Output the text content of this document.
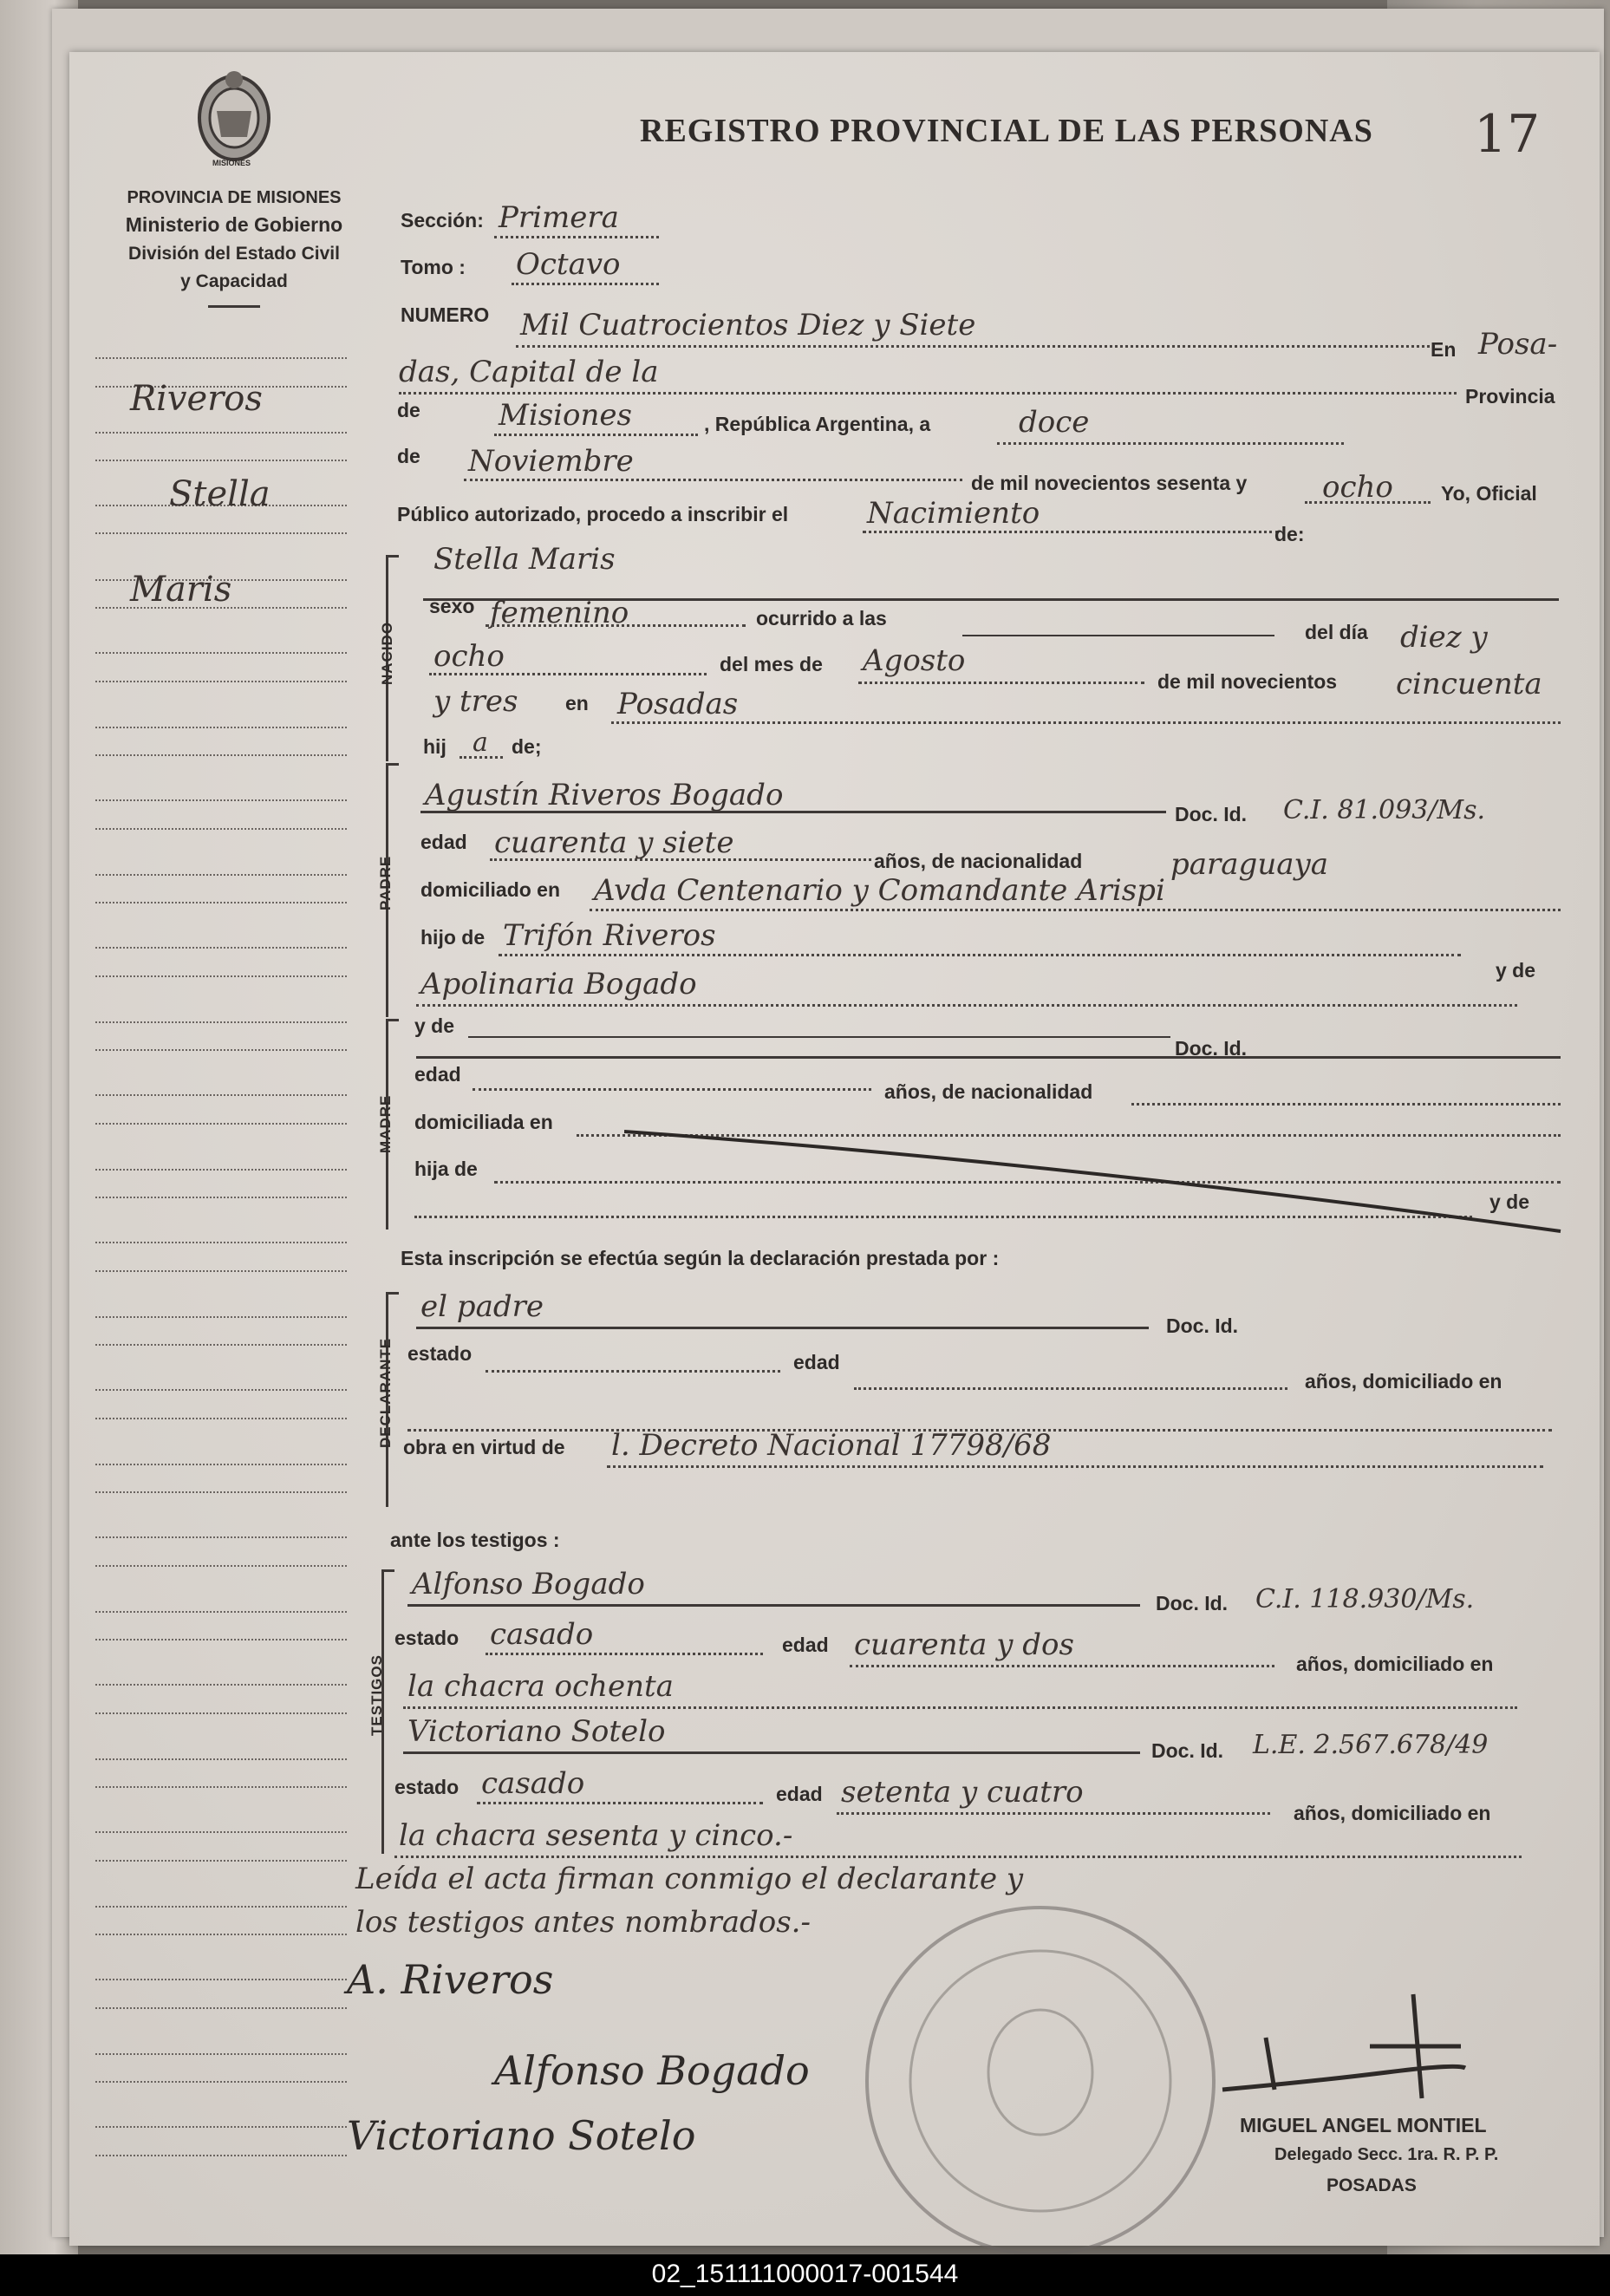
REGISTRO PROVINCIAL DE LAS PERSONAS 17
MISIONES
PROVINCIA DE MISIONES
Ministerio de Gobierno
División del Estado Civil
y Capacidad
Riveros
Stella
Maris
Sección: Primera
Tomo : Octavo
NUMERO Mil Cuatrocientos Diez y Siete
En Posa-
das, Capital de la
Provincia
de	Misiones	, República Argentina, a	doce
de Noviembre
de mil novecientos sesenta y	ocho Yo, Oficial
Público autorizado, procedo a inscribir el	Nacimiento
de:
NACIDO
Stella Maris
sexo femenino	ocurrido a las
del día diez y
ocho	del mes de Agosto
de mil novecientos cincuenta
y tres en Posadas
hij a de;
PADRE
Agustín Riveros Bogado
Doc. Id. C.I. 81.093/Ms.
edad cuarenta y siete
años, de nacionalidad	paraguaya
domiciliado en Avda Centenario y Comandante Arispi
hijo de Trifón Riveros
y de
Apolinaria Bogado
MADRE
y de
Doc. Id.
edad
años, de nacionalidad
domiciliada en
hija de
y de
Esta inscripción se efectúa según la declaración prestada por :
DECLARANTE
el padre
Doc. Id.
estado	edad
años, domiciliado en
obra en virtud de l. Decreto Nacional 17798/68
ante los testigos :
TESTIGOS
Alfonso Bogado
Doc. Id. C.I. 118.930/Ms.
estado casado	edad cuarenta y dos
años, domiciliado en
la chacra ochenta
Victoriano Sotelo
Doc. Id. L.E. 2.567.678/49
estado casado	edad setenta y cuatro
años, domiciliado en
la chacra sesenta y cinco.-
Leída el acta firman conmigo el declarante y
los testigos antes nombrados.-
A. Riveros
Alfonso Bogado
Victoriano Sotelo	MIGUEL ANGEL MONTIEL
Delegado Secc. 1ra. R. P. P.
POSADAS
02_151111000017-001544
